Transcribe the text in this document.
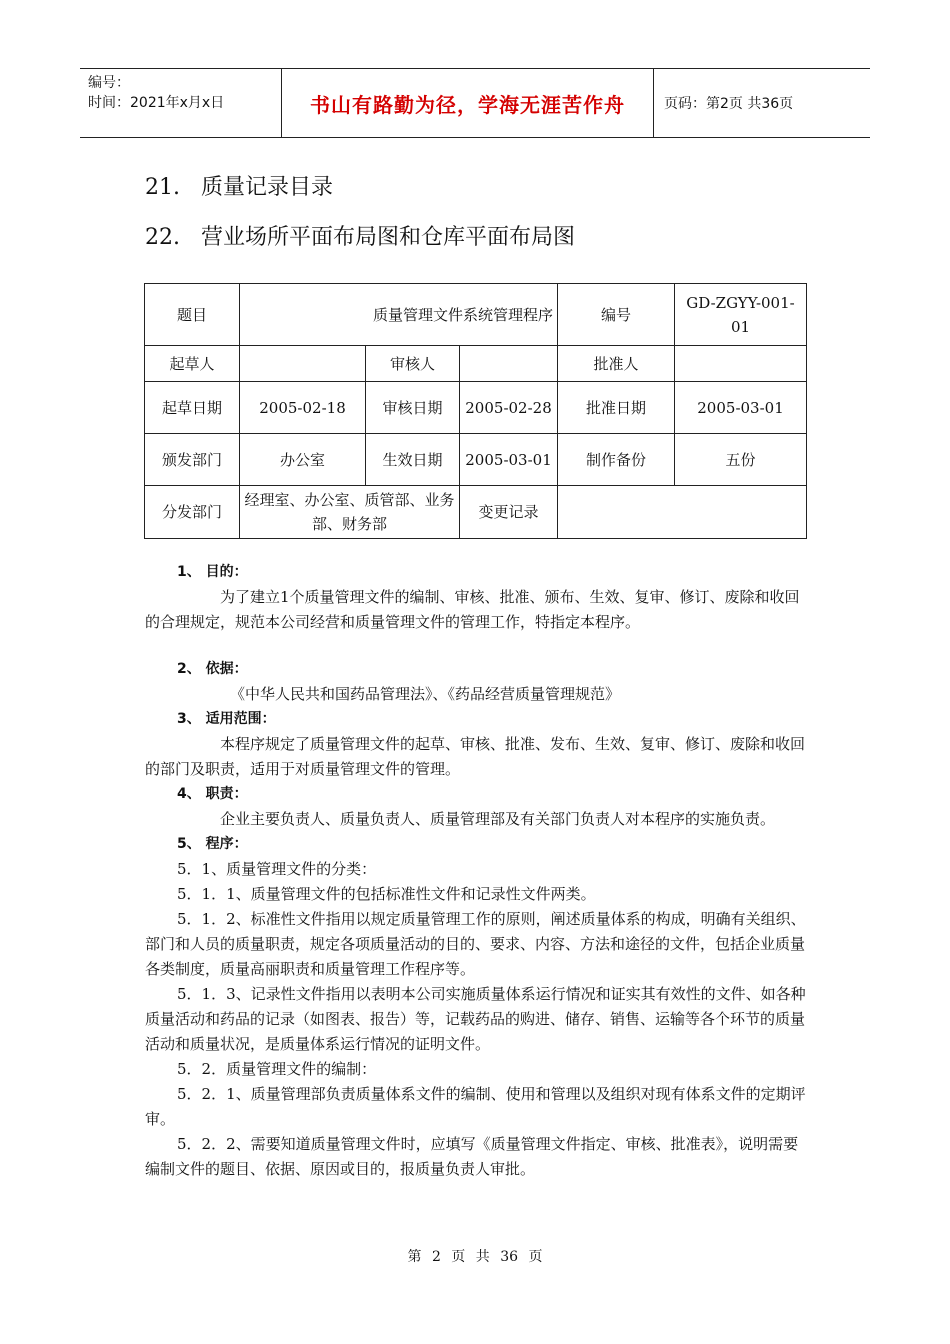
编号：
时间：2021年x月x日	书山有路勤为径，学海无涯苦作舟	页码：第2页 共36页
21. 质量记录目录
22. 营业场所平面布局图和仓库平面布局图
题目	质量管理文件系统管理程序			编号	GD-ZGYY-001-01
起草人		审核人		批准人	
起草日期	2005-02-18	审核日期	2005-02-28	批准日期	2005-03-01
颁发部门	办公室	生效日期	2005-03-01	制作备份	五份
分发部门	经理室、办公室、质管部、业务部、财务部		变更记录		

1、 目的：

为了建立1个质量管理文件的编制、审核、批准、颁布、生效、复审、修订、废除和收回的合理规定，规范本公司经营和质量管理文件的管理工作，特指定本程序。

2、 依据：

《中华人民共和国药品管理法》、《药品经营质量管理规范》

3、 适用范围：

本程序规定了质量管理文件的起草、审核、批准、发布、生效、复审、修订、废除和收回的部门及职责，适用于对质量管理文件的管理。

4、 职责：

企业主要负责人、质量负责人、质量管理部及有关部门负责人对本程序的实施负责。

5、 程序：

5．1、质量管理文件的分类：

5．1．1、质量管理文件的包括标准性文件和记录性文件两类。

5．1．2、标准性文件指用以规定质量管理工作的原则，阐述质量体系的构成，明确有关组织、部门和人员的质量职责，规定各项质量活动的目的、要求、内容、方法和途径的文件，包括企业质量各类制度，质量高丽职责和质量管理工作程序等。

5．1．3、记录性文件指用以表明本公司实施质量体系运行情况和证实其有效性的文件、如各种质量活动和药品的记录（如图表、报告）等，记载药品的购进、储存、销售、运输等各个环节的质量活动和质量状况，是质量体系运行情况的证明文件。

5．2．质量管理文件的编制：

5．2．1、质量管理部负责质量体系文件的编制、使用和管理以及组织对现有体系文件的定期评审。

5．2．2、需要知道质量管理文件时，应填写《质量管理文件指定、审核、批准表》，说明需要编制文件的题目、依据、原因或目的，报质量负责人审批。

第 2 页 共 36 页
